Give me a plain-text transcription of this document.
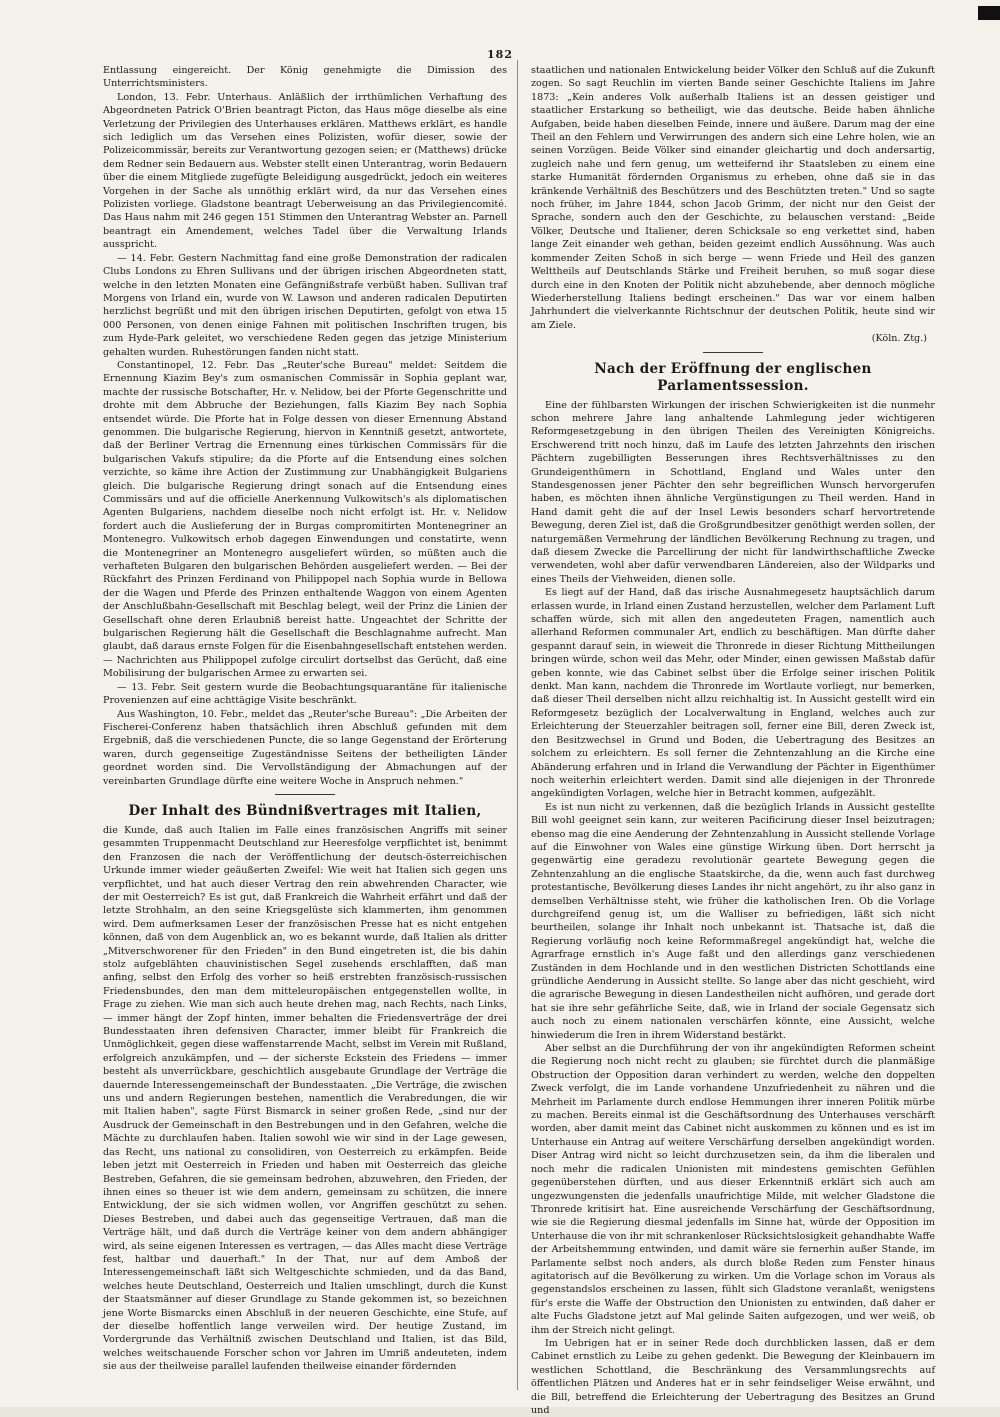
182

Entlassung eingereicht. Der König genehmigte die Dimission des Unterrichtsministers.

London, 13. Febr. Unterhaus. Anläßlich der irrthümlichen Verhaftung des Abgeordneten Patrick O'Brien beantragt Picton, das Haus möge dieselbe als eine Verletzung der Privilegien des Unterhauses erklären. Matthews erklärt, es handle sich lediglich um das Versehen eines Polizisten, wofür dieser, sowie der Polizeicommissär, bereits zur Verantwortung gezogen seien; er (Matthews) drücke dem Redner sein Bedauern aus. Webster stellt einen Unterantrag, worin Bedauern über die einem Mitgliede zugefügte Beleidigung ausgedrückt, jedoch ein weiteres Vorgehen in der Sache als unnöthig erklärt wird, da nur das Versehen eines Polizisten vorliege. Gladstone beantragt Ueberweisung an das Privilegiencomité. Das Haus nahm mit 246 gegen 151 Stimmen den Unterantrag Webster an. Parnell beantragt ein Amendement, welches Tadel über die Verwaltung Irlands ausspricht.

— 14. Febr. Gestern Nachmittag fand eine große Demonstration der radicalen Clubs Londons zu Ehren Sullivans und der übrigen irischen Abgeordneten statt, welche in den letzten Monaten eine Gefängnißstrafe verbüßt haben. Sullivan traf Morgens von Irland ein, wurde von W. Lawson und anderen radicalen Deputirten herzlichst begrüßt und mit den übrigen irischen Deputirten, gefolgt von etwa 15 000 Personen, von denen einige Fahnen mit politischen Inschriften trugen, bis zum Hyde-Park geleitet, wo verschiedene Reden gegen das jetzige Ministerium gehalten wurden. Ruhestörungen fanden nicht statt.

Constantinopel, 12. Febr. Das „Reuter'sche Bureau" meldet: Seitdem die Ernennung Kiazim Bey's zum osmanischen Commissär in Sophia geplant war, machte der russische Botschafter, Hr. v. Nelidow, bei der Pforte Gegenschritte und drohte mit dem Abbruche der Beziehungen, falls Kiazim Bey nach Sophia entsendet würde. Die Pforte hat in Folge dessen von dieser Ernennung Abstand genommen. Die bulgarische Regierung, hiervon in Kenntniß gesetzt, antwortete, daß der Berliner Vertrag die Ernennung eines türkischen Commissärs für die bulgarischen Vakufs stipulire; da die Pforte auf die Entsendung eines solchen verzichte, so käme ihre Action der Zustimmung zur Unabhängigkeit Bulgariens gleich. Die bulgarische Regierung dringt sonach auf die Entsendung eines Commissärs und auf die officielle Anerkennung Vulkowitsch's als diplomatischen Agenten Bulgariens, nachdem dieselbe noch nicht erfolgt ist. Hr. v. Nelidow fordert auch die Auslieferung der in Burgas compromitirten Montenegriner an Montenegro. Vulkowitsch erhob dagegen Einwendungen und constatirte, wenn die Montenegriner an Montenegro ausgeliefert würden, so müßten auch die verhafteten Bulgaren den bulgarischen Behörden ausgeliefert werden. — Bei der Rückfahrt des Prinzen Ferdinand von Philippopel nach Sophia wurde in Bellowa der die Wagen und Pferde des Prinzen enthaltende Waggon von einem Agenten der Anschlußbahn-Gesellschaft mit Beschlag belegt, weil der Prinz die Linien der Gesellschaft ohne deren Erlaubniß bereist hatte. Ungeachtet der Schritte der bulgarischen Regierung hält die Gesellschaft die Beschlagnahme aufrecht. Man glaubt, daß daraus ernste Folgen für die Eisenbahngesellschaft entstehen werden. — Nachrichten aus Philippopel zufolge circulirt dortselbst das Gerücht, daß eine Mobilisirung der bulgarischen Armee zu erwarten sei.

— 13. Febr. Seit gestern wurde die Beobachtungsquarantäne für italienische Provenienzen auf eine achttägige Visite beschränkt.

Aus Washington, 10. Febr., meldet das „Reuter'sche Bureau": „Die Arbeiten der Fischerei-Conferenz haben thatsächlich ihren Abschluß gefunden mit dem Ergebniß, daß die verschiedenen Puncte, die so lange Gegenstand der Erörterung waren, durch gegenseitige Zugeständnisse Seitens der betheiligten Länder geordnet worden sind. Die Vervollständigung der Abmachungen auf der vereinbarten Grundlage dürfte eine weitere Woche in Anspruch nehmen."

Der Inhalt des Bündnißvertrages mit Italien,

die Kunde, daß auch Italien im Falle eines französischen Angriffs mit seiner gesammten Truppenmacht Deutschland zur Heeresfolge verpflichtet ist, benimmt den Franzosen die nach der Veröffentlichung der deutsch-österreichischen Urkunde immer wieder geäußerten Zweifel: Wie weit hat Italien sich gegen uns verpflichtet, und hat auch dieser Vertrag den rein abwehrenden Character, wie der mit Oesterreich? Es ist gut, daß Frankreich die Wahrheit erfährt und daß der letzte Strohhalm, an den seine Kriegsgelüste sich klammerten, ihm genommen wird. Dem aufmerksamen Leser der französischen Presse hat es nicht entgehen können, daß von dem Augenblick an, wo es bekannt wurde, daß Italien als dritter „Mitverschworener für den Frieden" in den Bund eingetreten ist, die bis dahin stolz aufgeblähten chauvinistischen Segel zusehends erschlafften, daß man anfing, selbst den Erfolg des vorher so heiß erstrebten französisch-russischen Friedensbundes, den man dem mitteleuropäischen entgegenstellen wollte, in Frage zu ziehen. Wie man sich auch heute drehen mag, nach Rechts, nach Links, — immer hängt der Zopf hinten, immer behalten die Friedensverträge der drei Bundesstaaten ihren defensiven Character, immer bleibt für Frankreich die Unmöglichkeit, gegen diese waffenstarrende Macht, selbst im Verein mit Rußland, erfolgreich anzukämpfen, und — der sicherste Eckstein des Friedens — immer besteht als unverrückbare, geschichtlich ausgebaute Grundlage der Verträge die dauernde Interessengemeinschaft der Bundesstaaten. „Die Verträge, die zwischen uns und andern Regierungen bestehen, namentlich die Verabredungen, die wir mit Italien haben", sagte Fürst Bismarck in seiner großen Rede, „sind nur der Ausdruck der Gemeinschaft in den Bestrebungen und in den Gefahren, welche die Mächte zu durchlaufen haben. Italien sowohl wie wir sind in der Lage gewesen, das Recht, uns national zu consolidiren, von Oesterreich zu erkämpfen. Beide leben jetzt mit Oesterreich in Frieden und haben mit Oesterreich das gleiche Bestreben, Gefahren, die sie gemeinsam bedrohen, abzuwehren, den Frieden, der ihnen eines so theuer ist wie dem andern, gemeinsam zu schützen, die innere Entwicklung, der sie sich widmen wollen, vor Angriffen geschützt zu sehen. Dieses Bestreben, und dabei auch das gegenseitige Vertrauen, daß man die Verträge hält, und daß durch die Verträge keiner von dem andern abhängiger wird, als seine eigenen Interessen es vertragen, — das Alles macht diese Verträge fest, haltbar und dauerhaft." In der That, nur auf dem Amboß der Interessengemeinschaft läßt sich Weltgeschichte schmieden, und da das Band, welches heute Deutschland, Oesterreich und Italien umschlingt, durch die Kunst der Staatsmänner auf dieser Grundlage zu Stande gekommen ist, so bezeichnen jene Worte Bismarcks einen Abschluß in der neueren Geschichte, eine Stufe, auf der dieselbe hoffentlich lange verweilen wird. Der heutige Zustand, im Vordergrunde das Verhältniß zwischen Deutschland und Italien, ist das Bild, welches weitschauende Forscher schon vor Jahren im Umriß andeuteten, indem sie aus der theilweise parallel laufenden theilweise einander fördernden

staatlichen und nationalen Entwickelung beider Völker den Schluß auf die Zukunft zogen. So sagt Reuchlin im vierten Bande seiner Geschichte Italiens im Jahre 1873: „Kein anderes Volk außerhalb Italiens ist an dessen geistiger und staatlicher Erstarkung so betheiligt, wie das deutsche. Beide haben ähnliche Aufgaben, beide haben dieselben Feinde, innere und äußere. Darum mag der eine Theil an den Fehlern und Verwirrungen des andern sich eine Lehre holen, wie an seinen Vorzügen. Beide Völker sind einander gleichartig und doch andersartig, zugleich nahe und fern genug, um wetteifernd ihr Staatsleben zu einem eine starke Humanität fördernden Organismus zu erheben, ohne daß sie in das kränkende Verhältniß des Beschützers und des Beschützten treten." Und so sagte noch früher, im Jahre 1844, schon Jacob Grimm, der nicht nur den Geist der Sprache, sondern auch den der Geschichte, zu belauschen verstand: „Beide Völker, Deutsche und Italiener, deren Schicksale so eng verkettet sind, haben lange Zeit einander weh gethan, beiden gezeimt endlich Aussöhnung. Was auch kommender Zeiten Schoß in sich berge — wenn Friede und Heil des ganzen Welttheils auf Deutschlands Stärke und Freiheit beruhen, so muß sogar diese durch eine in den Knoten der Politik nicht abzuhebende, aber dennoch mögliche Wiederherstellung Italiens bedingt erscheinen." Das war vor einem halben Jahrhundert die vielverkannte Richtschnur der deutschen Politik, heute sind wir am Ziele.

(Köln. Ztg.)

Nach der Eröffnung der englischen Parlamentssession.

Eine der fühlbarsten Wirkungen der irischen Schwierigkeiten ist die nunmehr schon mehrere Jahre lang anhaltende Lahmlegung jeder wichtigeren Reformgesetzgebung in den übrigen Theilen des Vereinigten Königreichs. Erschwerend tritt noch hinzu, daß im Laufe des letzten Jahrzehnts den irischen Pächtern zugebilligten Besserungen ihres Rechtsverhältnisses zu den Grundeigenthümern in Schottland, England und Wales unter den Standesgenossen jener Pächter den sehr begreiflichen Wunsch hervorgerufen haben, es möchten ihnen ähnliche Vergünstigungen zu Theil werden. Hand in Hand damit geht die auf der Insel Lewis besonders scharf hervortretende Bewegung, deren Ziel ist, daß die Großgrundbesitzer genöthigt werden sollen, der naturgemäßen Vermehrung der ländlichen Bevölkerung Rechnung zu tragen, und daß diesem Zwecke die Parcellirung der nicht für landwirthschaftliche Zwecke verwendeten, wohl aber dafür verwendbaren Ländereien, also der Wildparks und eines Theils der Viehweiden, dienen solle.

Es liegt auf der Hand, daß das irische Ausnahmegesetz hauptsächlich darum erlassen wurde, in Irland einen Zustand herzustellen, welcher dem Parlament Luft schaffen würde, sich mit allen den angedeuteten Fragen, namentlich auch allerhand Reformen communaler Art, endlich zu beschäftigen. Man dürfte daher gespannt darauf sein, in wieweit die Thronrede in dieser Richtung Mittheilungen bringen würde, schon weil das Mehr, oder Minder, einen gewissen Maßstab dafür geben konnte, wie das Cabinet selbst über die Erfolge seiner irischen Politik denkt. Man kann, nachdem die Thronrede im Wortlaute vorliegt, nur bemerken, daß dieser Theil derselben nicht allzu reichhaltig ist. In Aussicht gestellt wird ein Reformgesetz bezüglich der Localverwaltung in England, welches auch zur Erleichterung der Steuerzahler beitragen soll, ferner eine Bill, deren Zweck ist, den Besitzwechsel in Grund und Boden, die Uebertragung des Besitzes an solchem zu erleichtern. Es soll ferner die Zehntenzahlung an die Kirche eine Abänderung erfahren und in Irland die Verwandlung der Pächter in Eigenthümer noch weiterhin erleichtert werden. Damit sind alle diejenigen in der Thronrede angekündigten Vorlagen, welche hier in Betracht kommen, aufgezählt.

Es ist nun nicht zu verkennen, daß die bezüglich Irlands in Aussicht gestellte Bill wohl geeignet sein kann, zur weiteren Pacificirung dieser Insel beizutragen; ebenso mag die eine Aenderung der Zehntenzahlung in Aussicht stellende Vorlage auf die Einwohner von Wales eine günstige Wirkung üben. Dort herrscht ja gegenwärtig eine geradezu revolutionär geartete Bewegung gegen die Zehntenzahlung an die englische Staatskirche, da die, wenn auch fast durchweg protestantische, Bevölkerung dieses Landes ihr nicht angehört, zu ihr also ganz in demselben Verhältnisse steht, wie früher die katholischen Iren. Ob die Vorlage durchgreifend genug ist, um die Walliser zu befriedigen, läßt sich nicht beurtheilen, solange ihr Inhalt noch unbekannt ist. Thatsache ist, daß die Regierung vorläufig noch keine Reformmaßregel angekündigt hat, welche die Agrarfrage ernstlich in's Auge faßt und den allerdings ganz verschiedenen Zuständen in dem Hochlande und in den westlichen Districten Schottlands eine gründliche Aenderung in Aussicht stellte. So lange aber das nicht geschieht, wird die agrarische Bewegung in diesen Landestheilen nicht aufhören, und gerade dort hat sie ihre sehr gefährliche Seite, daß, wie in Irland der sociale Gegensatz sich auch noch zu einem nationalen verschärfen könnte, eine Aussicht, welche hinwiederum die Iren in ihrem Widerstand bestärkt.

Aber selbst an die Durchführung der von ihr angekündigten Reformen scheint die Regierung noch nicht recht zu glauben; sie fürchtet durch die planmäßige Obstruction der Opposition daran verhindert zu werden, welche den doppelten Zweck verfolgt, die im Lande vorhandene Unzufriedenheit zu nähren und die Mehrheit im Parlamente durch endlose Hemmungen ihrer inneren Politik mürbe zu machen. Bereits einmal ist die Geschäftsordnung des Unterhauses verschärft worden, aber damit meint das Cabinet nicht auskommen zu können und es ist im Unterhause ein Antrag auf weitere Verschärfung derselben angekündigt worden. Diser Antrag wird nicht so leicht durchzusetzen sein, da ihm die liberalen und noch mehr die radicalen Unionisten mit mindestens gemischten Gefühlen gegenüberstehen dürften, und aus dieser Erkenntniß erklärt sich auch am ungezwungensten die jedenfalls unaufrichtige Milde, mit welcher Gladstone die Thronrede kritisirt hat. Eine ausreichende Verschärfung der Geschäftsordnung, wie sie die Regierung diesmal jedenfalls im Sinne hat, würde der Opposition im Unterhause die von ihr mit schrankenloser Rücksichtslosigkeit gehandhabte Waffe der Arbeitshemmung entwinden, und damit wäre sie fernerhin außer Stande, im Parlamente selbst noch anders, als durch bloße Reden zum Fenster hinaus agitatorisch auf die Bevölkerung zu wirken. Um die Vorlage schon im Voraus als gegenstandslos erscheinen zu lassen, fühlt sich Gladstone veranlaßt, wenigstens für's erste die Waffe der Obstruction den Unionisten zu entwinden, daß daher er alte Fuchs Gladstone jetzt auf Mal gelinde Saiten aufgezogen, und wer weiß, ob ihm der Streich nicht gelingt.

Im Uebrigen hat er in seiner Rede doch durchblicken lassen, daß er dem Cabinet ernstlich zu Leibe zu gehen gedenkt. Die Bewegung der Kleinbauern im westlichen Schottland, die Beschränkung des Versammlungsrechts auf öffentlichen Plätzen und Anderes hat er in sehr feindseliger Weise erwähnt, und die Bill, betreffend die Erleichterung der Uebertragung des Besitzes an Grund und
